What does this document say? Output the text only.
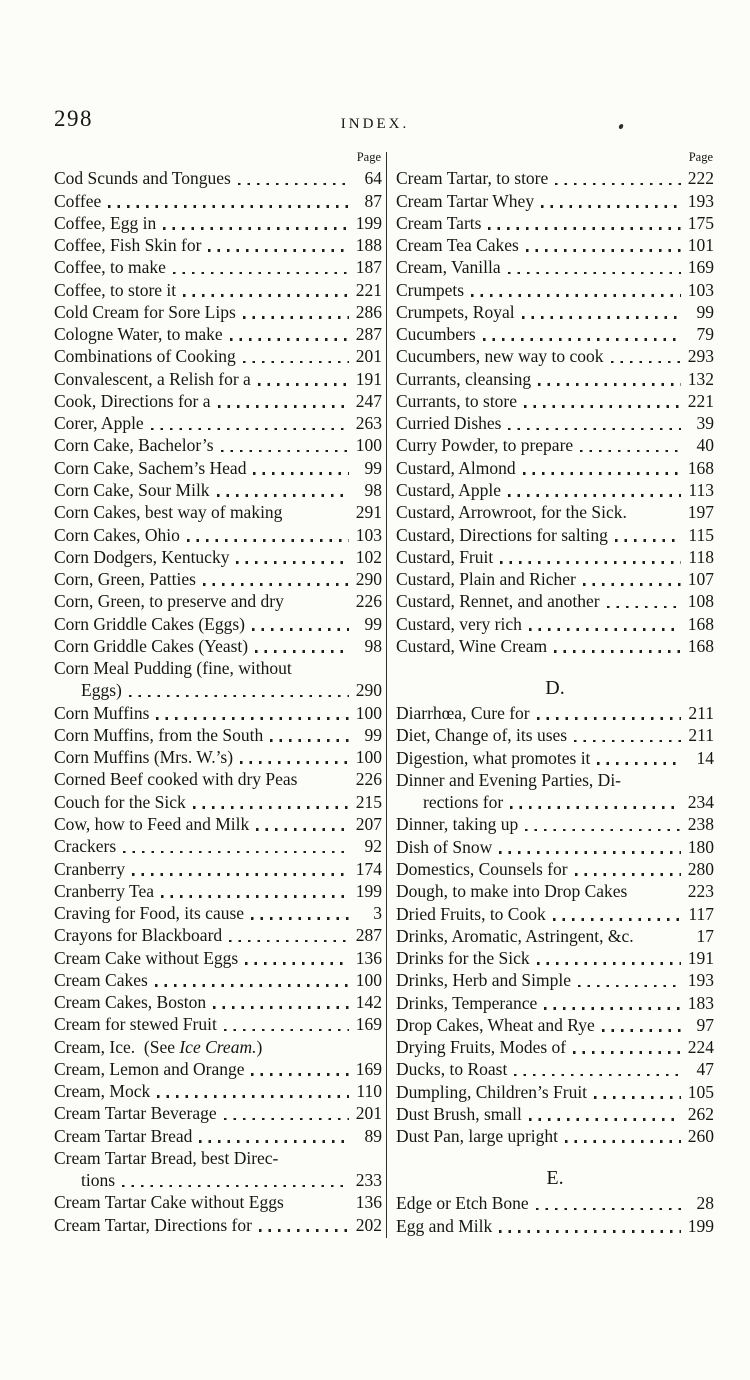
298	INDEX.
Page
Cod Scunds and Tongues	64
Coffee	87
Coffee, Egg in	199
Coffee, Fish Skin for	188
Coffee, to make	187
Coffee, to store it	221
Cold Cream for Sore Lips	286
Cologne Water, to make	287
Combinations of Cooking	201
Convalescent, a Relish for a	191
Cook, Directions for a	247
Corer, Apple	263
Corn Cake, Bachelor’s	100
Corn Cake, Sachem’s Head	99
Corn Cake, Sour Milk	98
Corn Cakes, best way of making	291
Corn Cakes, Ohio	103
Corn Dodgers, Kentucky	102
Corn, Green, Patties	290
Corn, Green, to preserve and dry	226
Corn Griddle Cakes (Eggs)	99
Corn Griddle Cakes (Yeast)	98
Corn Meal Pudding (fine, without
Eggs)	290
Corn Muffins	100
Corn Muffins, from the South	99
Corn Muffins (Mrs. W.’s)	100
Corned Beef cooked with dry Peas	226
Couch for the Sick	215
Cow, how to Feed and Milk	207
Crackers	92
Cranberry	174
Cranberry Tea	199
Craving for Food, its cause	3
Crayons for Blackboard	287
Cream Cake without Eggs	136
Cream Cakes	100
Cream Cakes, Boston	142
Cream for stewed Fruit	169
Cream, Ice. (See Ice Cream.)
Cream, Lemon and Orange	169
Cream, Mock	110
Cream Tartar Beverage	201
Cream Tartar Bread	89
Cream Tartar Bread, best Direc-
tions	233
Cream Tartar Cake without Eggs	136
Cream Tartar, Directions for	202
Page
Cream Tartar, to store	222
Cream Tartar Whey	193
Cream Tarts	175
Cream Tea Cakes	101
Cream, Vanilla	169
Crumpets	103
Crumpets, Royal	99
Cucumbers	79
Cucumbers, new way to cook	293
Currants, cleansing	132
Currants, to store	221
Curried Dishes	39
Curry Powder, to prepare	40
Custard, Almond	168
Custard, Apple	113
Custard, Arrowroot, for the Sick.	197
Custard, Directions for salting	115
Custard, Fruit	118
Custard, Plain and Richer	107
Custard, Rennet, and another	108
Custard, very rich	168
Custard, Wine Cream	168
D.
Diarrhœa, Cure for	211
Diet, Change of, its uses	211
Digestion, what promotes it	14
Dinner and Evening Parties, Di-
rections for	234
Dinner, taking up	238
Dish of Snow	180
Domestics, Counsels for	280
Dough, to make into Drop Cakes	223
Dried Fruits, to Cook	117
Drinks, Aromatic, Astringent, &c.	17
Drinks for the Sick	191
Drinks, Herb and Simple	193
Drinks, Temperance	183
Drop Cakes, Wheat and Rye	97
Drying Fruits, Modes of	224
Ducks, to Roast	47
Dumpling, Children’s Fruit	105
Dust Brush, small	262
Dust Pan, large upright	260
E.
Edge or Etch Bone	28
Egg and Milk	199
